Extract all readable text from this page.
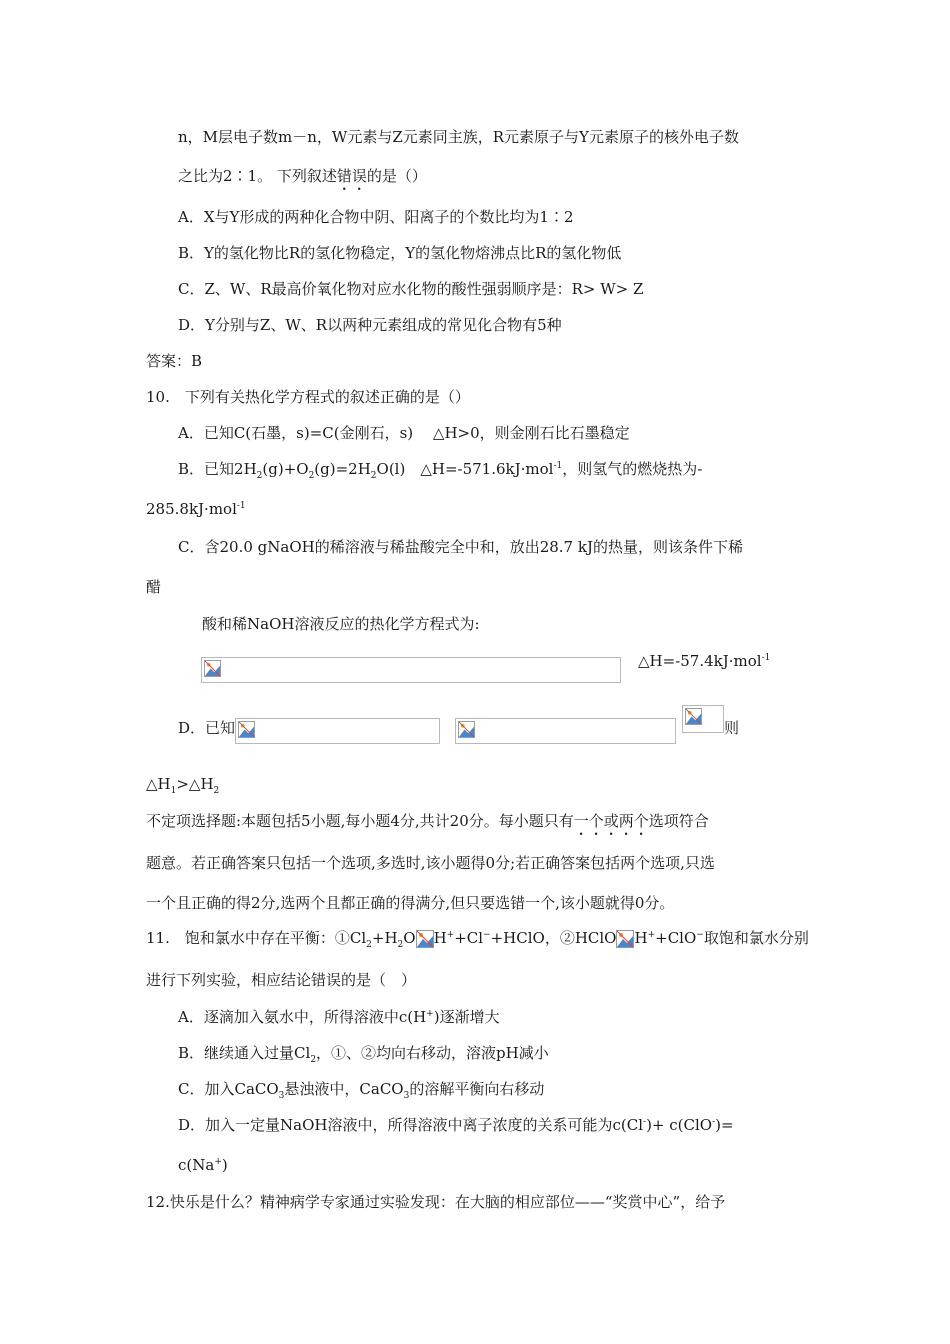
n，M层电子数m－n，W元素与Z元素同主族，R元素原子与Y元素原子的核外电子数
之比为2∶1。 下列叙述错误的是（）
A．X与Y形成的两种化合物中阴、阳离子的个数比均为1∶2
B．Y的氢化物比R的氢化物稳定，Y的氢化物熔沸点比R的氢化物低
C．Z、W、R最高价氧化物对应水化物的酸性强弱顺序是：R> W> Z
D．Y分别与Z、W、R以两种元素组成的常见化合物有5种
答案：B
10.　下列有关热化学方程式的叙述正确的是（）
A．已知C(石墨，s)=C(金刚石，s)　 △H>0，则金刚石比石墨稳定
B．已知$2H_2(g)+O_2(g)=2H_2O(l)$　△H=-571.6kJ·mol$^{-1}$，则氢气的燃烧热为-
285.8kJ·mol$^{-1}$
C．含20.0 gNaOH的稀溶液与稀盐酸完全中和，放出28.7 kJ的热量，则该条件下稀
醋
酸和稀NaOH溶液反应的热化学方程式为:
△H=-57.4kJ·mol$^{-1}$
D．已知	则
$\triangle H_1>\triangle H_2$
不定项选择题:本题包括5小题,每小题4分,共计20分。每小题只有一个或两个选项符合
题意。若正确答案只包括一个选项,多选时,该小题得0分;若正确答案包括两个选项,只选
一个且正确的得2分,选两个且都正确的得满分,但只要选错一个,该小题就得0分。
11.　饱和氯水中存在平衡：$①Cl_2+H_2O$ H++Cl−+HClO，②HClO H++ClO−取饱和氯水分别
进行下列实验，相应结论错误的是（　）
A．逐滴加入氨水中，所得溶液中c(H+)逐渐增大
B．继续通入过量$Cl_2$，①、②均向右移动，溶液pH减小
C．加入CaCO$_3$悬浊液中，CaCO$_3$的溶解平衡向右移动
D．加入一定量NaOH溶液中，所得溶液中离子浓度的关系可能为c(Cl-)+ c(ClO-)=
c(Na+)
12.快乐是什么？精神病学专家通过实验发现：在大脑的相应部位——“奖赏中心”，给予
